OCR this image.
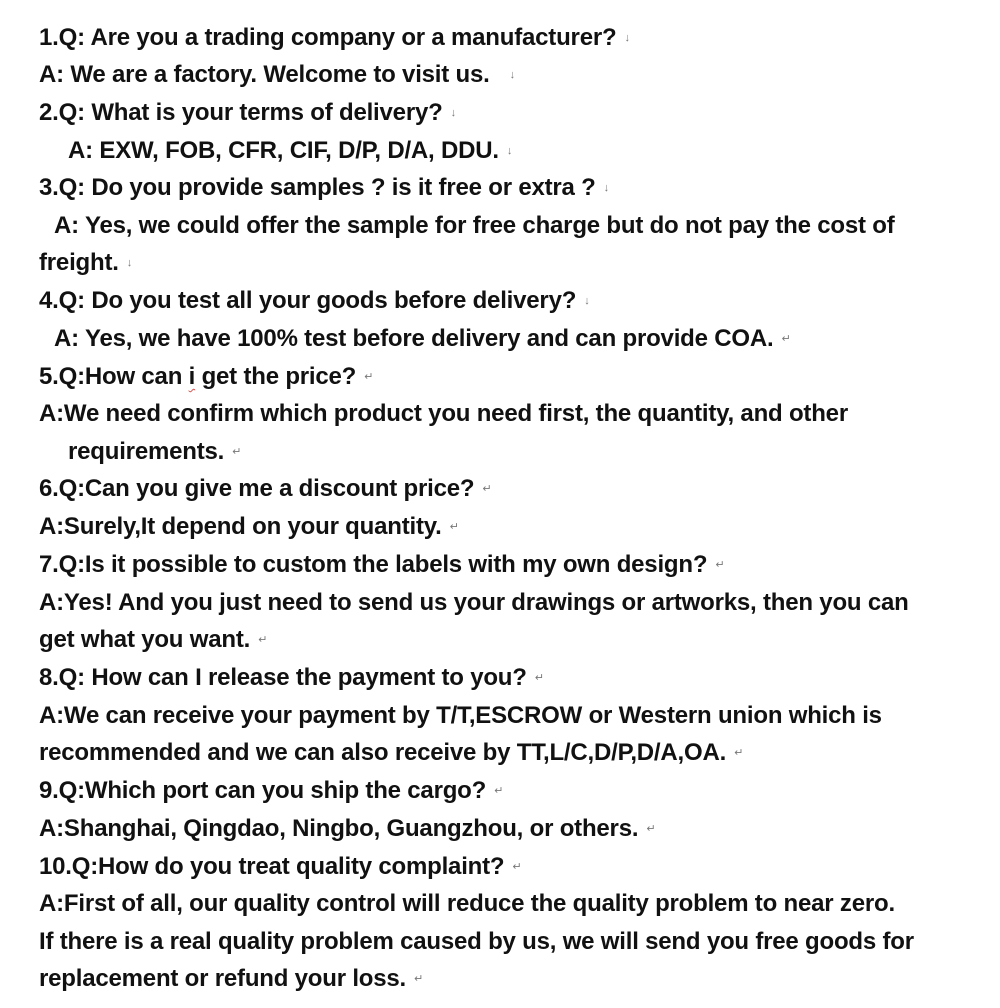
1.Q: Are you a trading company or a manufacturer? ↓
A: We are a factory. Welcome to visit us. ↓
2.Q: What is your terms of delivery? ↓
A: EXW, FOB, CFR, CIF, D/P, D/A, DDU. ↓
3.Q: Do you provide samples ? is it free or extra ? ↓
A: Yes, we could offer the sample for free charge but do not pay the cost of
freight. ↓
4.Q: Do you test all your goods before delivery? ↓
A: Yes, we have 100% test before delivery and can provide COA. ↵
5.Q:How can i get the price? ↵
A:We need confirm which product you need first, the quantity, and other
requirements. ↵
6.Q:Can you give me a discount price? ↵
A:Surely,It depend on your quantity. ↵
7.Q:Is it possible to custom the labels with my own design? ↵
A:Yes! And you just need to send us your drawings or artworks, then you can
get what you want. ↵
8.Q: How can I release the payment to you? ↵
A:We can receive your payment by T/T,ESCROW or Western union which is
recommended and we can also receive by TT,L/C,D/P,D/A,OA. ↵
9.Q:Which port can you ship the cargo? ↵
A:Shanghai, Qingdao, Ningbo, Guangzhou, or others. ↵
10.Q:How do you treat quality complaint? ↵
A:First of all, our quality control will reduce the quality problem to near zero.
If there is a real quality problem caused by us, we will send you free goods for
replacement or refund your loss. ↵
